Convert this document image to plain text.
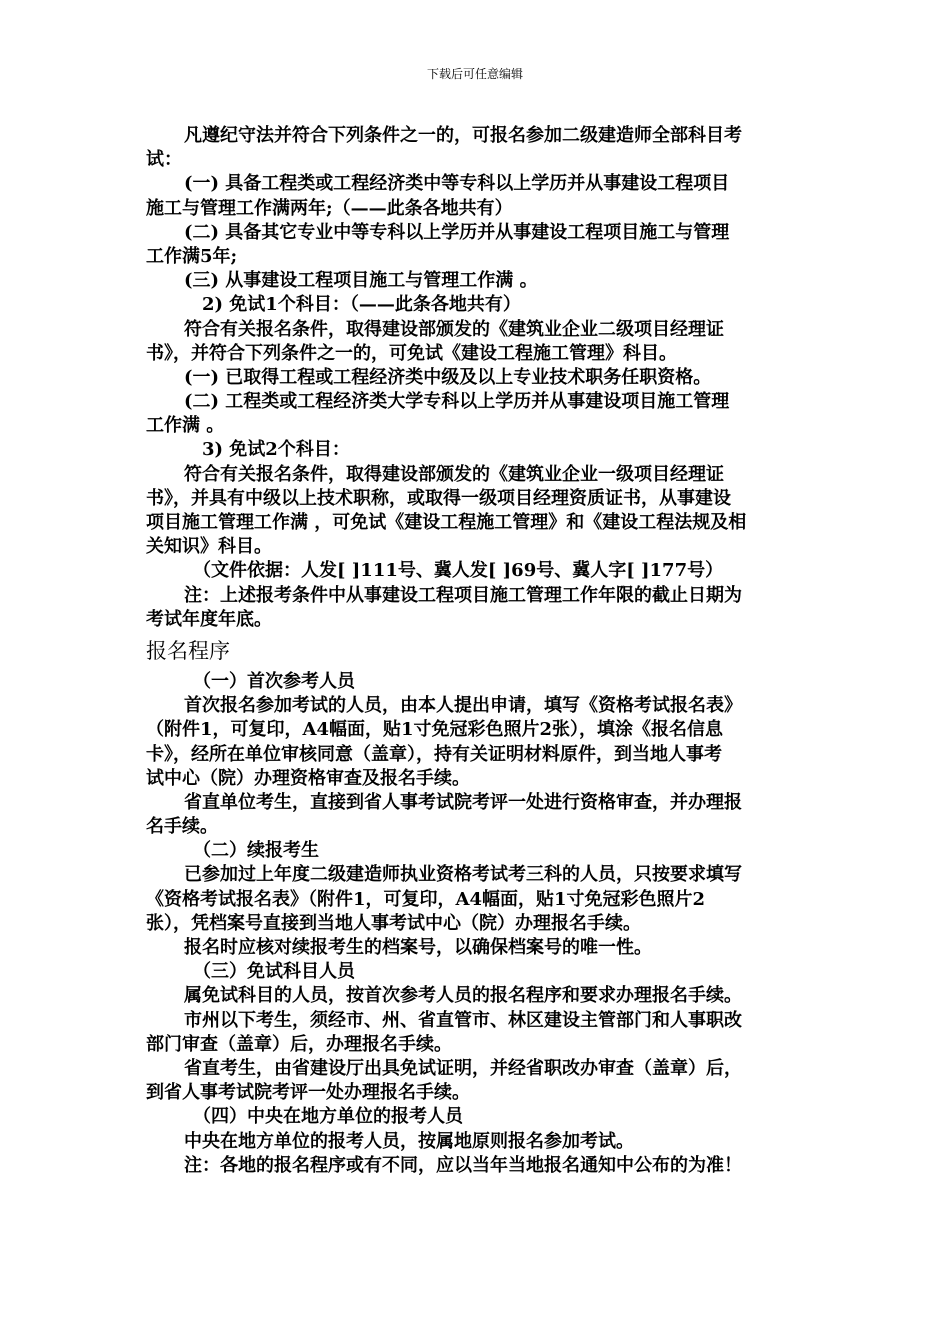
下载后可任意编辑
凡遵纪守法并符合下列条件之一的，可报名参加二级建造师全部科目考
试：
(一) 具备工程类或工程经济类中等专科以上学历并从事建设工程项目
施工与管理工作满两年;（——此条各地共有）
(二) 具备其它专业中等专科以上学历并从事建设工程项目施工与管理
工作满5年;
(三) 从事建设工程项目施工与管理工作满 。
2) 免试1个科目：（——此条各地共有）
符合有关报名条件，取得建设部颁发的《建筑业企业二级项目经理证
书》，并符合下列条件之一的，可免试《建设工程施工管理》科目。
(一) 已取得工程或工程经济类中级及以上专业技术职务任职资格。
(二) 工程类或工程经济类大学专科以上学历并从事建设项目施工管理
工作满 。
3) 免试2个科目：
符合有关报名条件，取得建设部颁发的《建筑业企业一级项目经理证
书》，并具有中级以上技术职称，或取得一级项目经理资质证书，从事建设
项目施工管理工作满 ，可免试《建设工程施工管理》和《建设工程法规及相
关知识》科目。
（文件依据：人发[ ]111号、冀人发[ ]69号、冀人字[ ]177号）
注：上述报考条件中从事建设工程项目施工管理工作年限的截止日期为
考试年度年底。
报名程序
（一）首次参考人员
首次报名参加考试的人员，由本人提出申请，填写《资格考试报名表》
（附件1，可复印，A4幅面，贴1寸免冠彩色照片2张），填涂《报名信息
卡》，经所在单位审核同意（盖章），持有关证明材料原件，到当地人事考
试中心（院）办理资格审查及报名手续。
省直单位考生，直接到省人事考试院考评一处进行资格审查，并办理报
名手续。
（二）续报考生
已参加过上年度二级建造师执业资格考试考三科的人员，只按要求填写
《资格考试报名表》（附件1，可复印，A4幅面，贴1寸免冠彩色照片2
张），凭档案号直接到当地人事考试中心（院）办理报名手续。
报名时应核对续报考生的档案号，以确保档案号的唯一性。
（三）免试科目人员
属免试科目的人员，按首次参考人员的报名程序和要求办理报名手续。
市州以下考生，须经市、州、省直管市、林区建设主管部门和人事职改
部门审查（盖章）后，办理报名手续。
省直考生，由省建设厅出具免试证明，并经省职改办审查（盖章）后，
到省人事考试院考评一处办理报名手续。
（四）中央在地方单位的报考人员
中央在地方单位的报考人员，按属地原则报名参加考试。
注：各地的报名程序或有不同，应以当年当地报名通知中公布的为准！
